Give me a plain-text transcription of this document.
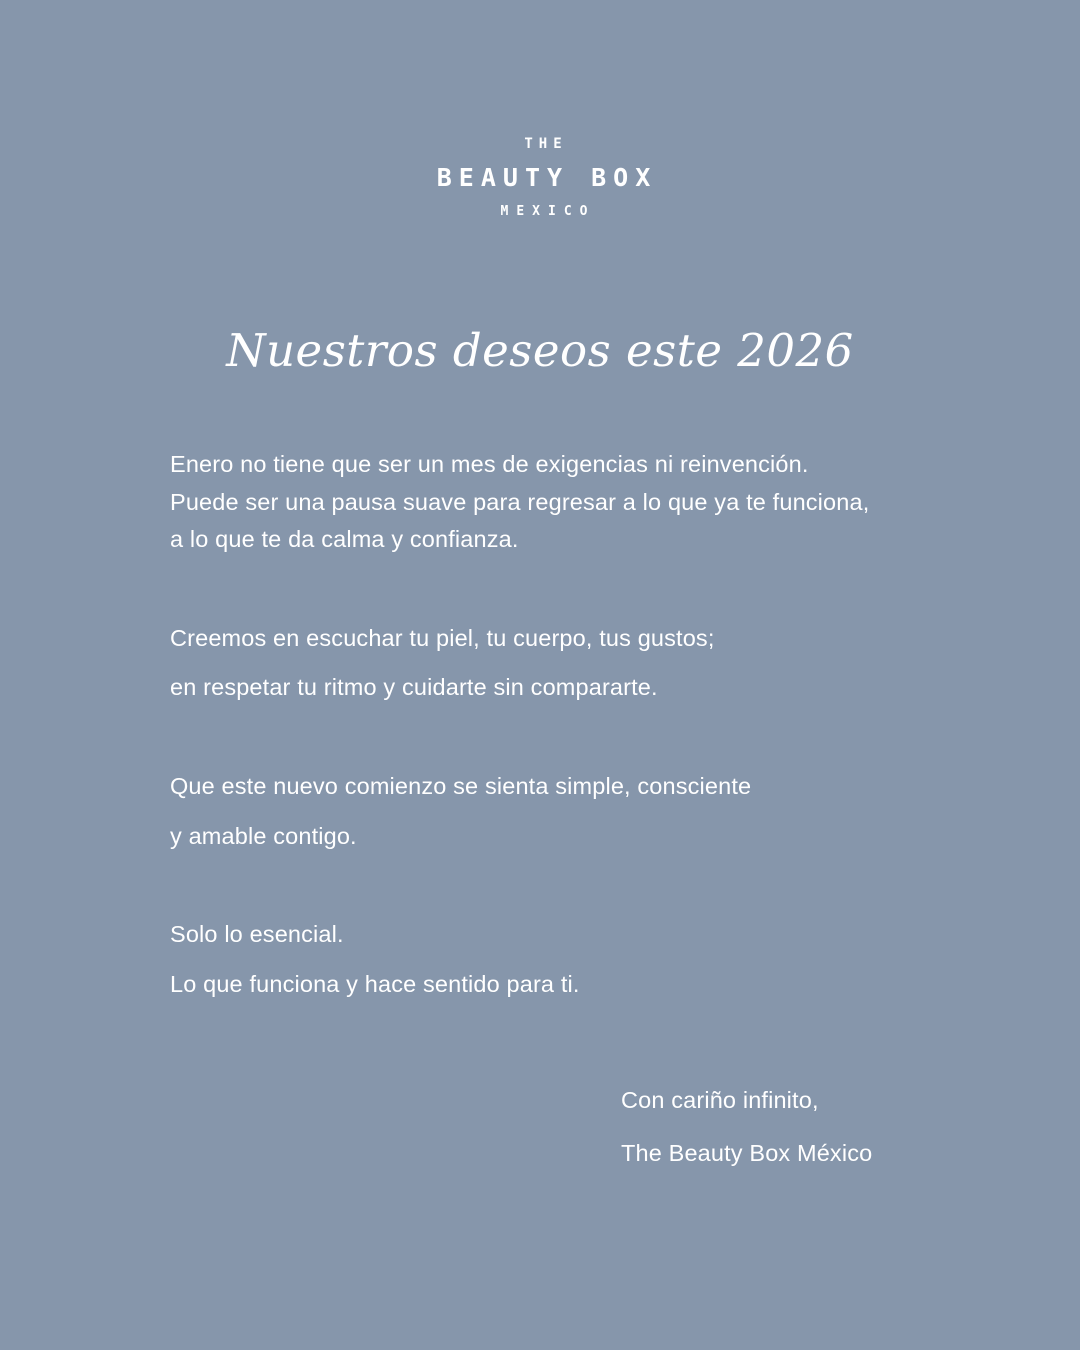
THE
BEAUTY BOX
MEXICO
Nuestros deseos este 2026
Enero no tiene que ser un mes de exigencias ni reinvención.
Puede ser una pausa suave para regresar a lo que ya te funciona,
a lo que te da calma y confianza.
Creemos en escuchar tu piel, tu cuerpo, tus gustos;
en respetar tu ritmo y cuidarte sin compararte.
Que este nuevo comienzo se sienta simple, consciente
y amable contigo.
Solo lo esencial.
Lo que funciona y hace sentido para ti.
Con cariño infinito,
The Beauty Box México
